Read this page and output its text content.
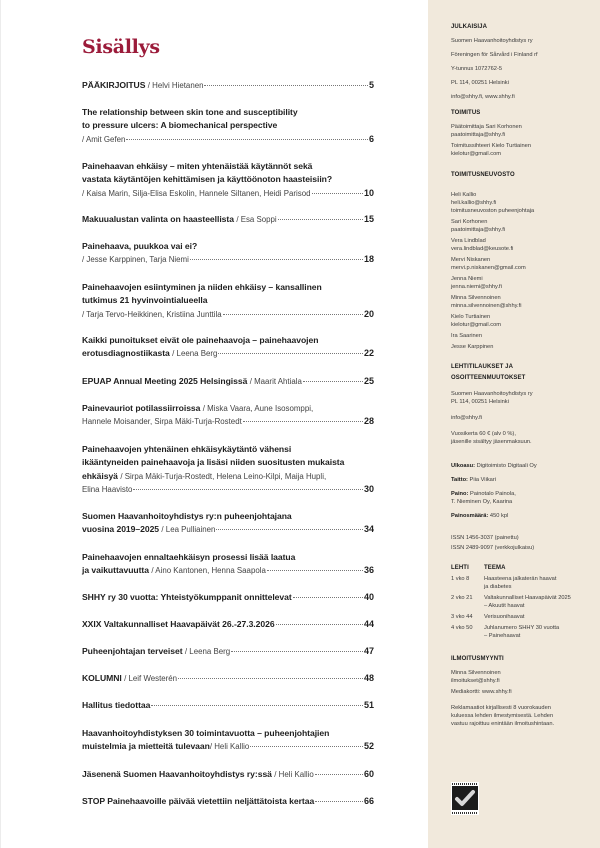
Sisällys
PÄÄKIRJOITUS
/ Helvi Hietanen	5
The relationship between skin tone and susceptibility
to pressure ulcers: A biomechanical perspective
/ Amit Gefen	6
Painehaavan ehkäisy – miten yhtenäistää käytännöt sekä
vastata käytäntöjen kehittämisen ja käyttöönoton haasteisiin?
/ Kaisa Marin, Silja-Elisa Eskolin, Hannele Siltanen, Heidi Parisod	10
Makuualustan valinta on haasteellista
/ Esa Soppi	15
Painehaava, puukkoa vai ei?
/ Jesse Karppinen, Tarja Niemi	18
Painehaavojen esiintyminen ja niiden ehkäisy – kansallinen
tutkimus 21 hyvinvointialueella
/ Tarja Tervo-Heikkinen, Kristiina Junttila	20
Kaikki punoitukset eivät ole painehaavoja – painehaavojen
erotusdiagnostiikasta
/ Leena Berg	22
EPUAP Annual Meeting 2025 Helsingissä
/ Maarit Ahtiala	25
Painevauriot potilassiirroissa
/ Miska Vaara, Aune Isosomppi,
Hannele Moisander, Sirpa Mäki-Turja-Rostedt	28
Painehaavojen yhtenäinen ehkäisykäytäntö vähensi
ikääntyneiden painehaavoja ja lisäsi niiden suositusten mukaista
ehkäisyä
/ Sirpa Mäki-Turja-Rostedt, Helena Leino-Kilpi, Maija Hupli,
Elina Haavisto	30
Suomen Haavanhoitoyhdistys ry:n puheenjohtajana
vuosina 2019–2025
/ Lea Pulliainen	34
Painehaavojen ennaltaehkäisyn prosessi lisää laatua
ja vaikuttavuutta
/ Aino Kantonen, Henna Saapola	36
SHHY ry 30 vuotta: Yhteistyökumppanit onnittelevat	40
XXIX Valtakunnalliset Haavapäivät 26.-27.3.2026	44
Puheenjohtajan terveiset
/ Leena Berg	47
KOLUMNI
/ Leif Westerén	48
Hallitus tiedottaa	51
Haavanhoitoyhdistyksen 30 toimintavuotta – puheenjohtajien
muistelmia ja mietteitä tulevaan / Heli Kallio	52
Jäsenenä Suomen Haavanhoitoyhdistys ry:ssä
/ Heli Kallio	60
STOP Painehaavoille päivää vietettiin neljättätoista kertaa	66
JULKAISIJA
Suomen Haavanhoitoyhdistys ry
Föreningen för Sårvård i Finland rf
Y-tunnus 1072762-5
PL 114, 00251 Helsinki
info@shhy.fi, www.shhy.fi
TOIMITUS
Päätoimittaja Sari Korhonen
paatoimittaja@shhy.fi
Toimitussihteeri Kielo Turtiainen
kielotur@gmail.com
TOIMITUSNEUVOSTO
Heli Kallio
heli.kallio@shhy.fi
toimitusneuvoston puheenjohtaja
Sari Korhonen
paatoimittaja@shhy.fi
Vera Lindblad
vera.lindblad@keusote.fi
Mervi Niskanen
mervi.p.niskanen@gmail.com
Jenna Niemi
jenna.niemi@shhy.fi
Minna Silvennoinen
minna.silvennoinen@shhy.fi
Kielo Turtiainen
kielotur@gmail.com
Ira Saarinen
Jesse Karppinen
LEHTITILAUKSET JA
OSOITTEENMUUTOKSET
Suomen Haavanhoitoyhdistys ry
PL 114, 00251 Helsinki
info@shhy.fi
Vuosikerta 60 € (alv 0 %),
jäsenille sisältyy jäsenmaksuun.
Ulkoasu: Digitoimisto Digitaali Oy
Taitto: Piia Viikari
Paino: Painotalo Painola,
T. Nieminen Oy, Kaarina
Painosmäärä: 450 kpl
ISSN 1456-3037 (painettu)
ISSN 2489-9097 (verkkojulkaisu)
LEHTI	TEEMA
1 vko 8	Haasteena jalkaterän haavat
ja diabetes
2 vko 21	Valtakunnalliset Haavapäivät 2025
– Akuutit haavat
3 vko 44	Verisuonihaavat
4 vko 50	Juhlanumero SHHY 30 vuotta
– Painehaavat
ILMOITUSMYYNTI
Minna Silvennoinen
ilmoitukset@shhy.fi
Mediakortti: www.shhy.fi
Reklamaatiot kirjallisesti 8 vuorokauden
kuluessa lehden ilmestymisestä. Lehden
vastuu rajoittuu enintään ilmoitushintaan.
